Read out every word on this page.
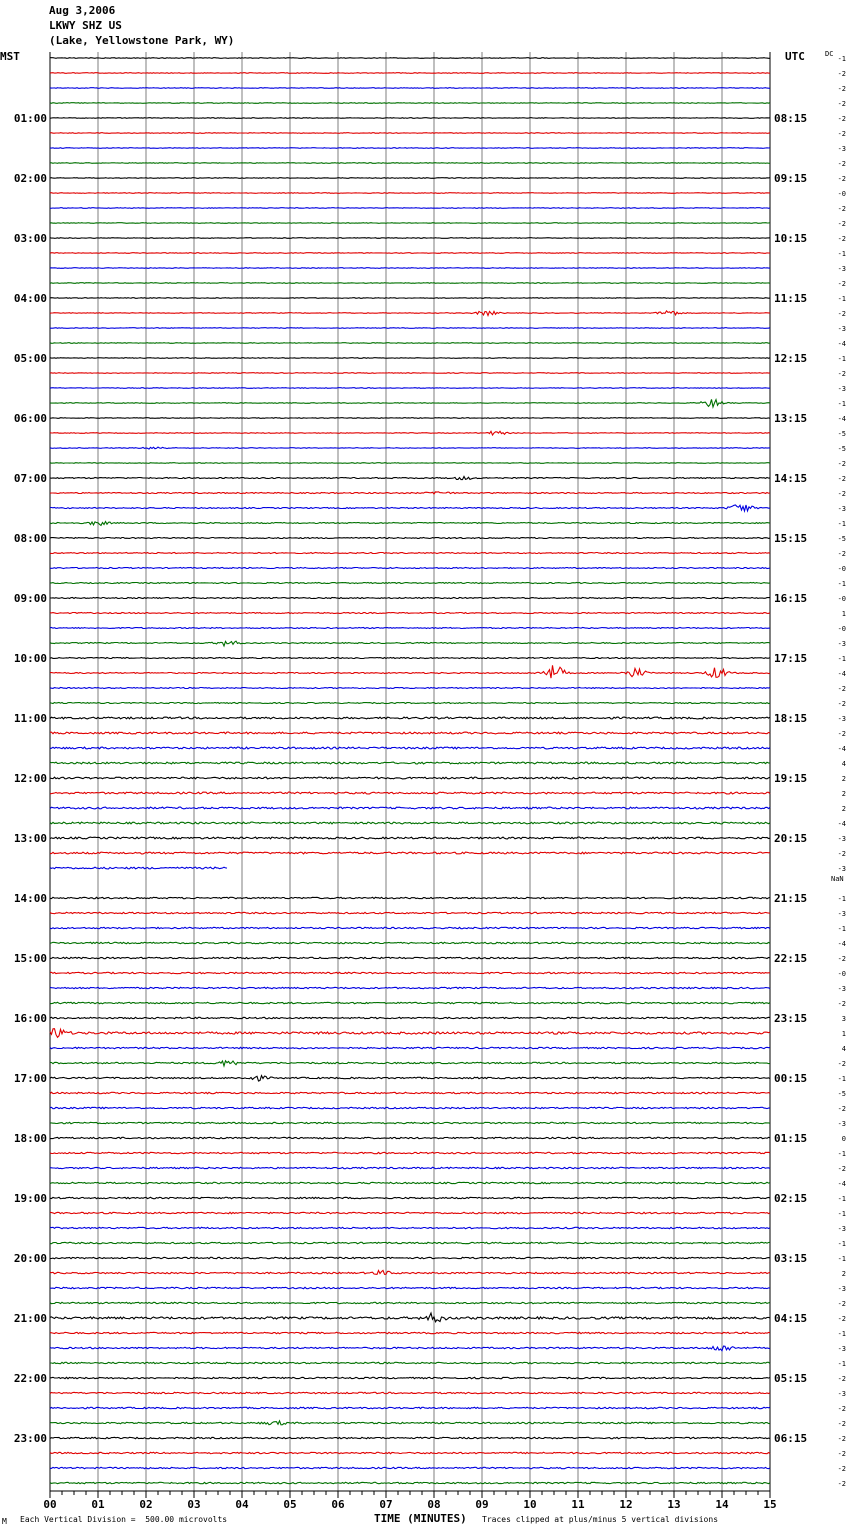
Aug 3,2006
LKWY SHZ US
(Lake, Yellowstone Park, WY)
MST	UTC
01:00
02:00
03:00
04:00
05:00
06:00
07:00
08:00
09:00
10:00
11:00
12:00
13:00
14:00
15:00
16:00
17:00
18:00
19:00
20:00
21:00
22:00
23:00
08:15
09:15
10:15
11:15
12:15
13:15
14:15
15:15
16:15
17:15
18:15
19:15
20:15
21:15
22:15
23:15
00:15
01:15
02:15
03:15
04:15
05:15
06:15
DC
NaN
-1
-2
-2
-2
-2
-2
-3
-2
-2
-0
-2
-2
-2
-1
-3
-2
-1
-2
-3
-4
-1
-2
-3
-1
-4
-5
-5
-2
-2
-2
-3
-1
-5
-2
-0
-1
-0
1
-0
-3
-1
-4
-2
-2
-3
-2
-4
4
2
2
2
-4
-3
-2
-3
-1
-3
-1
-4
-2
-0
-3
-2
3
1
4
-2
-1
-5
-2
-3
0
-1
-2
-4
-1
-1
-3
-1
-1
2
-3
-2
-2
-1
-3
-1
-2
-3
-2
-2
-2
-2
-2
-2
00	01	02	03	04	05	06	07	08	09	10	11	12	13	14	15
M Each Vertical Division =  500.00 microvolts	TIME (MINUTES) Traces clipped at plus/minus 5 vertical divisions
